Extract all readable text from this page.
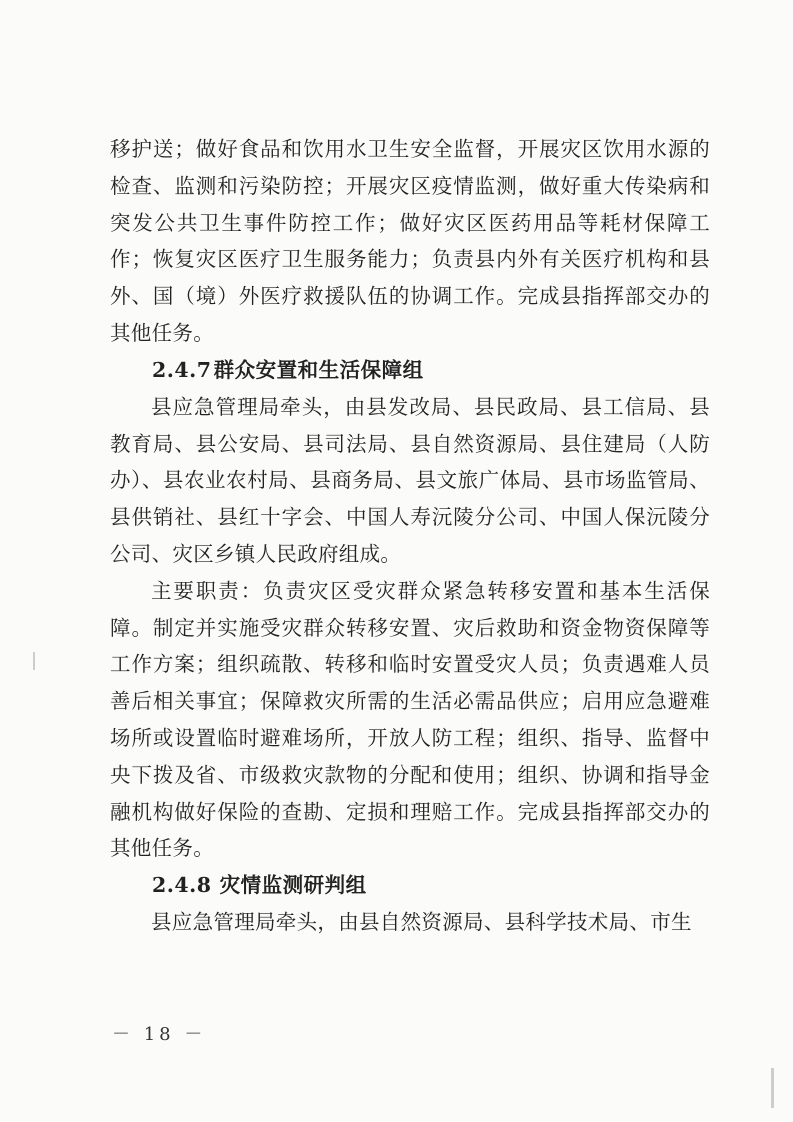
移护送；做好食品和饮用水卫生安全监督，开展灾区饮用水源的检查、监测和污染防控；开展灾区疫情监测，做好重大传染病和突发公共卫生事件防控工作；做好灾区医药用品等耗材保障工作；恢复灾区医疗卫生服务能力；负责县内外有关医疗机构和县外、国（境）外医疗救援队伍的协调工作。完成县指挥部交办的其他任务。

2.4.7群众安置和生活保障组

县应急管理局牵头，由县发改局、县民政局、县工信局、县教育局、县公安局、县司法局、县自然资源局、县住建局（人防办）、县农业农村局、县商务局、县文旅广体局、县市场监管局、县供销社、县红十字会、中国人寿沅陵分公司、中国人保沅陵分公司、灾区乡镇人民政府组成。

主要职责：负责灾区受灾群众紧急转移安置和基本生活保障。制定并实施受灾群众转移安置、灾后救助和资金物资保障等工作方案；组织疏散、转移和临时安置受灾人员；负责遇难人员善后相关事宜；保障救灾所需的生活必需品供应；启用应急避难场所或设置临时避难场所，开放人防工程；组织、指导、监督中央下拨及省、市级救灾款物的分配和使用；组织、协调和指导金融机构做好保险的查勘、定损和理赔工作。完成县指挥部交办的其他任务。

2.4.8 灾情监测研判组

县应急管理局牵头，由县自然资源局、县科学技术局、市生

－ 18 －
